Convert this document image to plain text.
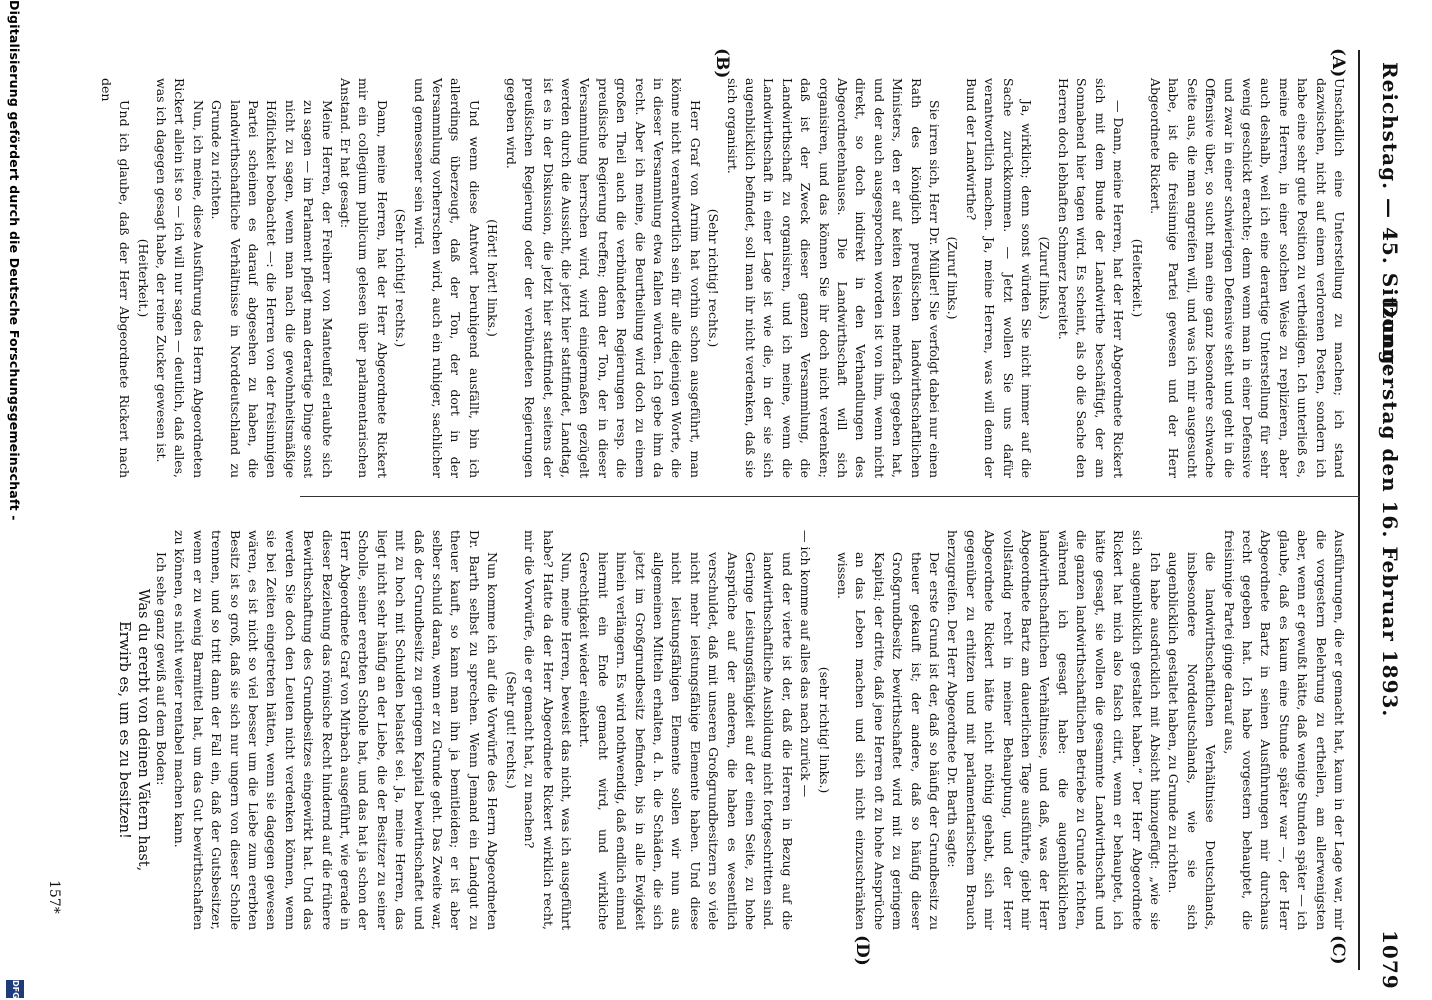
Reichstag. — 45. Sitzung.
Donnerstag den 16. Februar 1893.
1079
(A)
(B)
(C)
(D)

Unschädlich eine Unterstellung zu machen; ich stand dazwischen, nicht auf einem verlorenen Posten, sondern ich habe eine sehr gute Position zu vertheidigen. Ich unterließ es, meine Herren, in einer solchen Weise zu replizieren, aber auch deshalb, weil ich eine derartige Unterstellung für sehr wenig geschickt erachte; denn wenn man in einer Defensive und zwar in einer schwierigen Defensive steht und geht in die Offensive über, so sucht man eine ganz besondere schwache Seite aus, die man angreifen will, und was ich mir ausgesucht habe, ist die freisinnige Partei gewesen und der Herr Abgeordnete Rickert.

(Heiterkeit.)

— Dann, meine Herren, hat der Herr Abgeordnete Rickert sich mit dem Bunde der Landwirthe beschäftigt, der am Sonnabend hier tagen wird. Es scheint, als ob die Sache den Herren doch lebhaften Schmerz bereitet.

(Zuruf links.)

Ja, wirklich; denn sonst würden Sie nicht immer auf die Sache zurückkommen. — Jetzt wollen Sie uns dafür verantwortlich machen. Ja, meine Herren, was will denn der Bund der Landwirthe?

(Zuruf links.)

Sie irren sich, Herr Dr. Müller! Sie verfolgt dabei nur einen Rath des königlich preußischen landwirthschaftlichen Ministers, den er auf keiten Reisen mehrfach gegeben hat, und der auch ausgesprochen worden ist von ihm, wenn nicht direkt, so doch indirekt in den Verhandlungen des Abgeordnetenhauses. Die Landwirthschaft will sich organisiren, und das können Sie ihr doch nicht verdenken; daß ist der Zweck dieser ganzen Versammlung, die Landwirthschaft zu organisiren, und ich meine, wenn die Landwirthschaft in einer Lage ist wie die, in der sie sich augenblicklich befindet, soll man ihr nicht verdenken, daß sie sich organisirt.

(Sehr richtig! rechts.)

Herr Graf von Arnim hat vorhin schon ausgeführt, man könne nicht verantwortlich sein für alle diejenigen Worte, die in dieser Versammlung etwa fallen würden. Ich gebe ihm da recht. Aber ich meine, die Beurtheilung wird doch zu einem großen Theil auch die verbündeten Regierungen resp. die preußische Regierung treffen; denn der Ton, der in dieser Versammlung herrschen wird, wird einigermaßen gezügelt werden durch die Aussicht, die jetzt hier stattfindet, Landtag, ist es in der Diskussion, die jetzt hier stattfindet, seitens der preußischen Regierung oder der verbündeten Regierungen gegeben wird.

(Hört! hört! links.)

Und wenn diese Antwort beruhigend ausfällt, bin ich allerdings überzeugt, daß der Ton, der dort in der Versammlung vorherrschen wird, auch ein ruhiger, sachlicher und gemessener sein wird.

(Sehr richtig! rechts.)

Dann, meine Herren, hat der Herr Abgeordnete Rickert mir ein collegium publicum gelesen über parlamentarischen Anstand. Er hat gesagt:

Meine Herren, der Freiherr von Manteuffel erlaubte sich zu sagen — im Parlament pflegt man derartige Dinge sonst nicht zu sagen, wenn man nach die gewohnheitsmäßige Höflichkeit beobachtet —: die Herren von der freisinnigen Partei scheinen es darauf abgesehen zu haben, die landwirthschaftliche Verhältnisse in Norddeutschland zu Grunde zu richten.

Nun, ich meine, diese Ausführung des Herrn Abgeordneten Rickert allein ist so — ich will nur sagen — deutlich, daß alles, was ich dagegen gesagt habe, der reine Zucker gewesen ist.

(Heiterkeit.)

Und ich glaube, daß der Herr Abgeordnete Rickert nach den

Ausführungen, die er gemacht hat, kaum in der Lage war, mir die vorgestern Belehrung zu ertheilen, am allerwenigsten aber, wenn er gewußt hätte, daß wenige Stunden später — ich glaube, daß es kaum eine Stunde später war —, der Herr Abgeordnete Bartz in seinen Ausführungen mir durchaus recht gegeben hat. Ich habe vorgestern behauptet, die freisinnige Partei ginge darauf aus,

die landwirthschaftlichen Verhältnisse Deutschlands, insbesondere Norddeutschlands, wie sie sich augenblicklich gestaltet haben, zu Grunde zu richten.

Ich habe ausdrücklich mit Absicht hinzugefügt: „wie sie sich augenblicklich gestaltet haben.“ Der Herr Abgeordnete Rickert hat mich also falsch citirt, wenn er behauptet, ich hätte gesagt, sie wollen die gesammte Landwirthschaft und die ganzen landwirthschaftlichen Betriebe zu Grunde richten, während ich gesagt habe: die augenblicklichen landwirthschaftlichen Verhältnisse, und daß, was der Herr Abgeordnete Bartz am dauerlichen Tage ausführte, giebt mir vollständig recht in meiner Behauptung, und der Herr Abgeordnete Rickert hätte nicht nöthig gehabt, sich mir gegenüber zu erhitzen und mit parlamentarischem Brauch herzugreifen. Der Herr Abgeordnete Dr. Barth sagte:

Der erste Grund ist der, daß so häufig der Grundbesitz zu theuer gekauft ist; der andere, daß so häufig dieser Großgrundbesitz bewirthschaftet wird mit zu geringem Kapital; der dritte, daß jene Herren oft zu hohe Ansprüche an das Leben machen und sich nicht einzuschränken wissen.

(sehr richtig! links.)

— ich komme auf alles das nach zurück —

und der vierte ist der, daß die Herren in Bezug auf die landwirthschaftliche Ausbildung nicht fortgeschritten sind. Geringe Leistungsfähigkeit auf der einen Seite, zu hohe Ansprüche auf der anderen, die haben es wesentlich verschuldet, daß mit unseren Großgrundbesitzern so viele nicht mehr leistungsfähige Elemente haben. Und diese nicht leistungsfähigen Elemente sollen wir nun aus allgemeinen Mitteln erhalten, d. h. die Schäden, die sich jetzt im Großgrundbesitz befinden, bis in alle Ewigkeit hinein verlängern. Es wird nothwendig, daß endlich einmal hiermit ein Ende gemacht wird, und wirkliche Gerechtigkeit wieder einkehrt.

Nun, meine Herren, beweist das nicht, was ich ausgeführt habe? Hatte da der Herr Abgeordnete Rickert wirklich recht, mir die Vorwürfe, die er gemacht hat, zu machen?

(Sehr gut! rechts.)

Nun komme ich auf die Vorwürfe des Herrn Abgeordneten Dr. Barth selbst zu sprechen. Wenn Jemand ein Landgut zu theuer kauft, so kann man ihn ja bemitleiden; er ist aber selber schuld daran, wenn er zu Grunde geht. Das Zweite war, daß der Grundbesitz zu geringem Kapital bewirthschaftet und mit zu hoch mit Schulden belastet sei. Ja, meine Herren, das liegt nicht sehr häufig an der Liebe, die der Besitzer zu seiner Scholle, seiner ererbten Scholle hat, und das hat ja schon der Herr Abgeordnete Graf von Mirbach ausgeführt, wie gerade in dieser Beziehung das römische Recht hindernd auf die frühere Bewirthschaftung des Grundbesitzes eingewirkt hat. Und das werden Sie doch den Leuten nicht verdenken können, wenn sie bei Zeiten eingetreten hätten, wenn sie dagegen gewesen wären, es ist nicht so viel besser um die Liebe zum ererbten Besitz ist so groß, daß sie sich nur ungern von dieser Scholle trennen, und so tritt dann der Fall ein, daß der Gutsbesitzer, wenn er zu wenig Barmittel hat, um das Gut bewirthschaften zu können, es nicht weiter rentabel machen kann.

Ich sehe ganz gewiß auf dem Boden:

Was du ererbt von deinen Vätern hast,

Erwirb es, um es zu besitzen!

157*
Digitalisierung gefördert durch die Deutsche Forschungsgemeinschaft -
DFG
